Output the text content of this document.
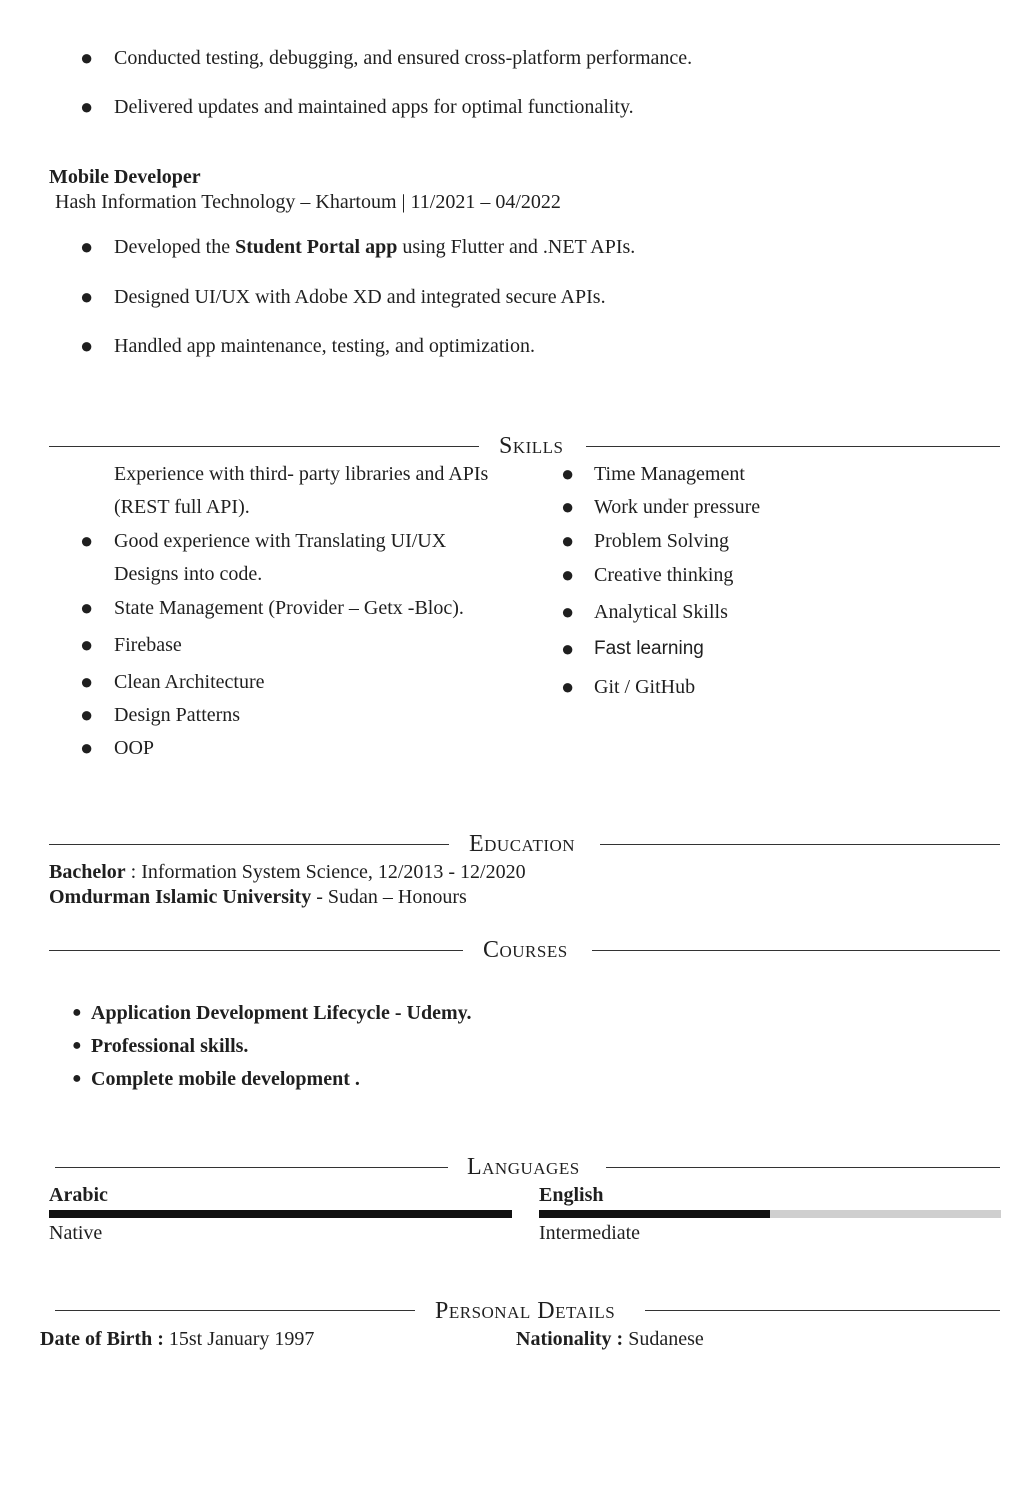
● Conducted testing, debugging, and ensured cross-platform performance.
● Delivered updates and maintained apps for optimal functionality.
Mobile Developer
Hash Information Technology – Khartoum | 11/2021 – 04/2022
● Developed the Student Portal app using Flutter and .NET APIs.
● Designed UI/UX with Adobe XD and integrated secure APIs.
● Handled app maintenance, testing, and optimization.
Skills
Experience with third- party libraries and APIs
(REST full API).
● Good experience with Translating UI/UX
Designs into code.
● State Management (Provider – Getx -Bloc).
● Firebase
● Clean Architecture
● Design Patterns
● OOP
● Time Management
● Work under pressure
● Problem Solving
● Creative thinking
● Analytical Skills
● Fast learning
● Git / GitHub
Education
Bachelor : Information System Science, 12/2013 - 12/2020
Omdurman Islamic University - Sudan – Honours
Courses
● Application Development Lifecycle - Udemy.
● Professional skills.
● Complete mobile development .
Languages
Arabic
Native
English
Intermediate
Personal Details
Date of Birth : 15st January 1997	Nationality : Sudanese
